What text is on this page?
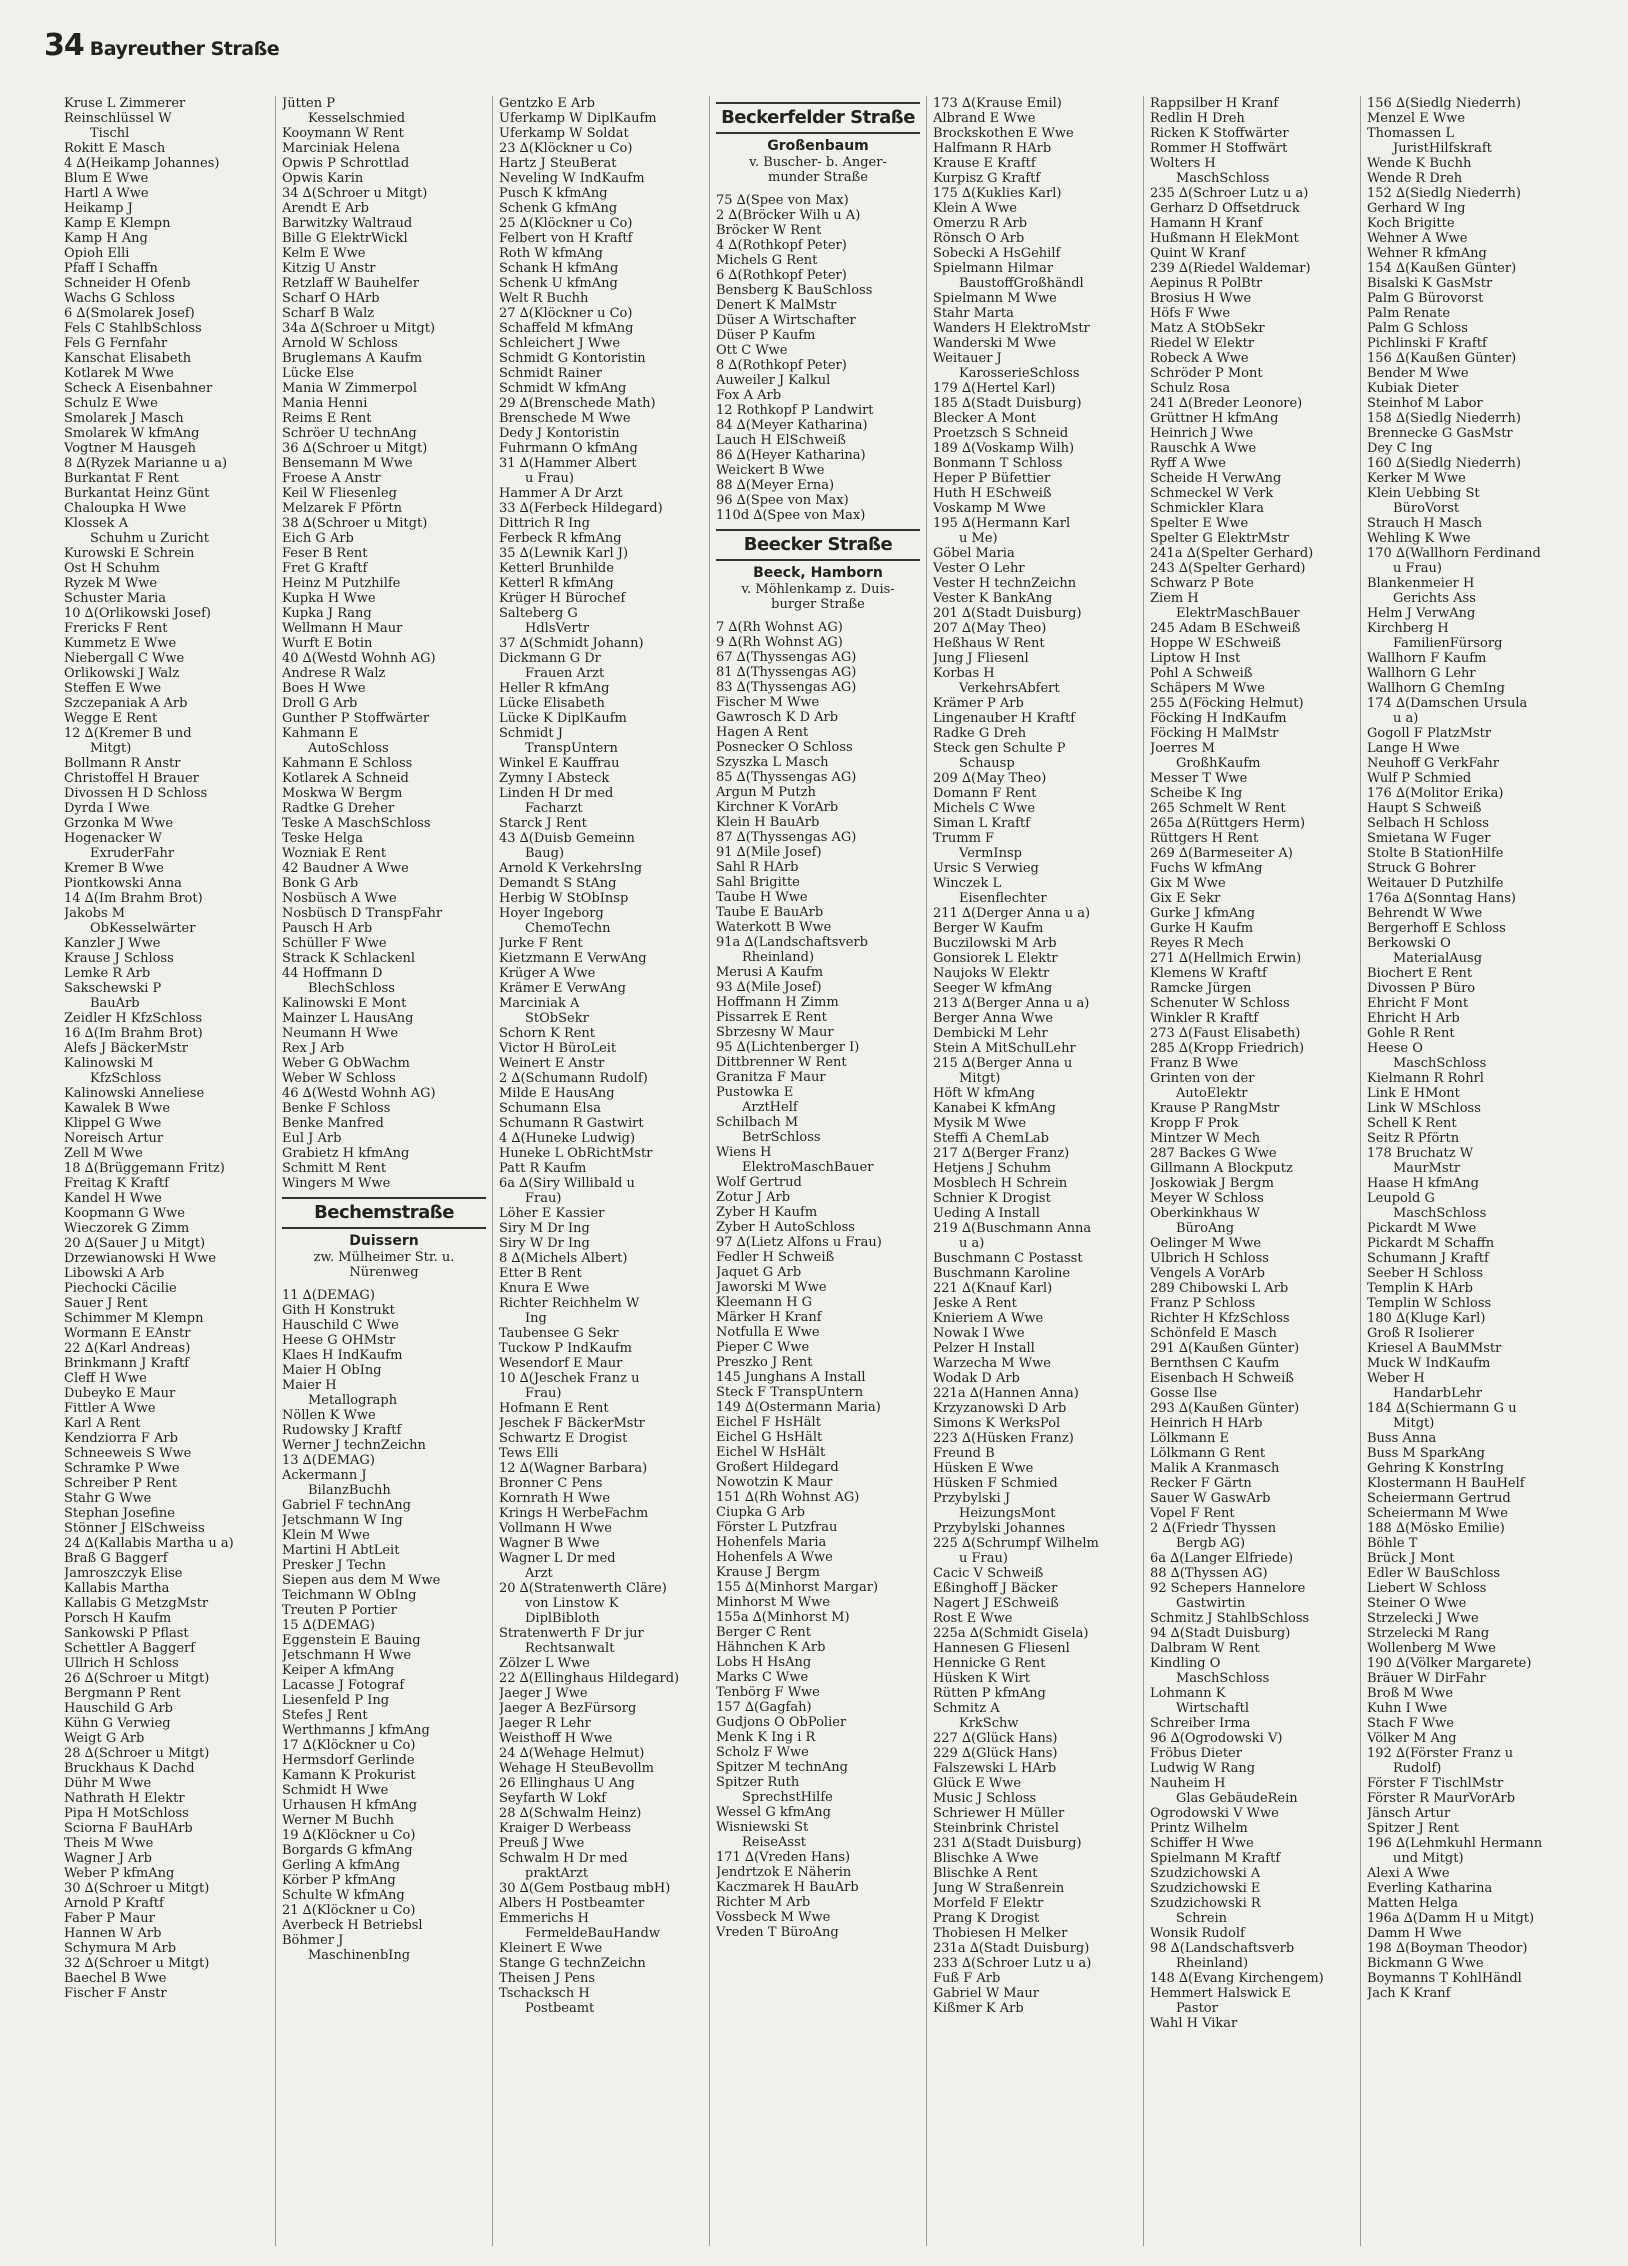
34 Bayreuther Straße
Kruse L Zimmerer
Reinschlüssel W
Tischl
Rokitt E Masch
4 ∆(Heikamp Johannes)
Blum E Wwe
Hartl A Wwe
Heikamp J
Kamp E Klempn
Kamp H Ang
Opioh Elli
Pfaff I Schaffn
Schneider H Ofenb
Wachs G Schloss
6 ∆(Smolarek Josef)
Fels C StahlbSchloss
Fels G Fernfahr
Kanschat Elisabeth
Kotlarek M Wwe
Scheck A Eisenbahner
Schulz E Wwe
Smolarek J Masch
Smolarek W kfmAng
Vogtner M Hausgeh
8 ∆(Ryzek Marianne u a)
Burkantat F Rent
Burkantat Heinz Günt
Chaloupka H Wwe
Klossek A
Schuhm u Zuricht
Kurowski E Schrein
Ost H Schuhm
Ryzek M Wwe
Schuster Maria
10 ∆(Orlikowski Josef)
Frericks F Rent
Kummetz E Wwe
Niebergall C Wwe
Orlikowski J Walz
Steffen E Wwe
Szczepaniak A Arb
Wegge E Rent
12 ∆(Kremer B und
Mitgt)
Bollmann R Anstr
Christoffel H Brauer
Divossen H D Schloss
Dyrda I Wwe
Grzonka M Wwe
Hogenacker W
ExruderFahr
Kremer B Wwe
Piontkowski Anna
14 ∆(Im Brahm Brot)
Jakobs M
ObKesselwärter
Kanzler J Wwe
Krause J Schloss
Lemke R Arb
Sakschewski P
BauArb
Zeidler H KfzSchloss
16 ∆(Im Brahm Brot)
Alefs J BäckerMstr
Kalinowski M
KfzSchloss
Kalinowski Anneliese
Kawalek B Wwe
Klippel G Wwe
Noreisch Artur
Zell M Wwe
18 ∆(Brüggemann Fritz)
Freitag K Kraftf
Kandel H Wwe
Koopmann G Wwe
Wieczorek G Zimm
20 ∆(Sauer J u Mitgt)
Drzewianowski H Wwe
Libowski A Arb
Piechocki Cäcilie
Sauer J Rent
Schimmer M Klempn
Wormann E EAnstr
22 ∆(Karl Andreas)
Brinkmann J Kraftf
Cleff H Wwe
Dubeyko E Maur
Fittler A Wwe
Karl A Rent
Kendziorra F Arb
Schneeweis S Wwe
Schramke P Wwe
Schreiber P Rent
Stahr G Wwe
Stephan Josefine
Stönner J ElSchweiss
24 ∆(Kallabis Martha u a)
Braß G Baggerf
Jamroszczyk Elise
Kallabis Martha
Kallabis G MetzgMstr
Porsch H Kaufm
Sankowski P Pflast
Schettler A Baggerf
Ullrich H Schloss
26 ∆(Schroer u Mitgt)
Bergmann P Rent
Hauschild G Arb
Kühn G Verwieg
Weigt G Arb
28 ∆(Schroer u Mitgt)
Bruckhaus K Dachd
Dühr M Wwe
Nathrath H Elektr
Pipa H MotSchloss
Sciorna F BauHArb
Theis M Wwe
Wagner J Arb
Weber P kfmAng
30 ∆(Schroer u Mitgt)
Arnold P Kraftf
Faber P Maur
Hannen W Arb
Schymura M Arb
32 ∆(Schroer u Mitgt)
Baechel B Wwe
Fischer F Anstr
Jütten P
Kesselschmied
Kooymann W Rent
Marciniak Helena
Opwis P Schrottlad
Opwis Karin
34 ∆(Schroer u Mitgt)
Arendt E Arb
Barwitzky Waltraud
Bille G ElektrWickl
Kelm E Wwe
Kitzig U Anstr
Retzlaff W Bauhelfer
Scharf O HArb
Scharf B Walz
34a ∆(Schroer u Mitgt)
Arnold W Schloss
Bruglemans A Kaufm
Lücke Else
Mania W Zimmerpol
Mania Henni
Reims E Rent
Schröer U technAng
36 ∆(Schroer u Mitgt)
Bensemann M Wwe
Froese A Anstr
Keil W Fliesenleg
Melzarek F Pförtn
38 ∆(Schroer u Mitgt)
Eich G Arb
Feser B Rent
Fret G Kraftf
Heinz M Putzhilfe
Kupka H Wwe
Kupka J Rang
Wellmann H Maur
Wurft E Botin
40 ∆(Westd Wohnh AG)
Andrese R Walz
Boes H Wwe
Droll G Arb
Gunther P Stoffwärter
Kahmann E
AutoSchloss
Kahmann E Schloss
Kotlarek A Schneid
Moskwa W Bergm
Radtke G Dreher
Teske A MaschSchloss
Teske Helga
Wozniak E Rent
42 Baudner A Wwe
Bonk G Arb
Nosbüsch A Wwe
Nosbüsch D TranspFahr
Pausch H Arb
Schüller F Wwe
Strack K Schlackenl
44 Hoffmann D
BlechSchloss
Kalinowski E Mont
Mainzer L HausAng
Neumann H Wwe
Rex J Arb
Weber G ObWachm
Weber W Schloss
46 ∆(Westd Wohnh AG)
Benke F Schloss
Benke Manfred
Eul J Arb
Grabietz H kfmAng
Schmitt M Rent
Wingers M Wwe
Bechemstraße
Duissern
zw. Mülheimer Str. u.
Nürenweg
11 ∆(DEMAG)
Gith H Konstrukt
Hauschild C Wwe
Heese G OHMstr
Klaes H IndKaufm
Maier H ObIng
Maier H
Metallograph
Nöllen K Wwe
Rudowsky J Kraftf
Werner J technZeichn
13 ∆(DEMAG)
Ackermann J
BilanzBuchh
Gabriel F technAng
Jetschmann W Ing
Klein M Wwe
Martini H AbtLeit
Presker J Techn
Siepen aus dem M Wwe
Teichmann W ObIng
Treuten P Portier
15 ∆(DEMAG)
Eggenstein E Bauing
Jetschmann H Wwe
Keiper A kfmAng
Lacasse J Fotograf
Liesenfeld P Ing
Stefes J Rent
Werthmanns J kfmAng
17 ∆(Klöckner u Co)
Hermsdorf Gerlinde
Kamann K Prokurist
Schmidt H Wwe
Urhausen H kfmAng
Werner M Buchh
19 ∆(Klöckner u Co)
Borgards G kfmAng
Gerling A kfmAng
Körber P kfmAng
Schulte W kfmAng
21 ∆(Klöckner u Co)
Averbeck H Betriebsl
Böhmer J
MaschinenbIng
Gentzko E Arb
Uferkamp W DiplKaufm
Uferkamp W Soldat
23 ∆(Klöckner u Co)
Hartz J SteuBerat
Neveling W IndKaufm
Pusch K kfmAng
Schenk G kfmAng
25 ∆(Klöckner u Co)
Felbert von H Kraftf
Roth W kfmAng
Schank H kfmAng
Schenk U kfmAng
Welt R Buchh
27 ∆(Klöckner u Co)
Schaffeld M kfmAng
Schleichert J Wwe
Schmidt G Kontoristin
Schmidt Rainer
Schmidt W kfmAng
29 ∆(Brenschede Math)
Brenschede M Wwe
Dedy J Kontoristin
Fuhrmann O kfmAng
31 ∆(Hammer Albert
u Frau)
Hammer A Dr Arzt
33 ∆(Ferbeck Hildegard)
Dittrich R Ing
Ferbeck R kfmAng
35 ∆(Lewnik Karl J)
Ketterl Brunhilde
Ketterl R kfmAng
Krüger H Bürochef
Salteberg G
HdlsVertr
37 ∆(Schmidt Johann)
Dickmann G Dr
Frauen Arzt
Heller R kfmAng
Lücke Elisabeth
Lücke K DiplKaufm
Schmidt J
TranspUntern
Winkel E Kauffrau
Zymny I Absteck
Linden H Dr med
Facharzt
Starck J Rent
43 ∆(Duisb Gemeinn
Baug)
Arnold K VerkehrsIng
Demandt S StAng
Herbig W StObInsp
Hoyer Ingeborg
ChemoTechn
Jurke F Rent
Kietzmann E VerwAng
Krüger A Wwe
Krämer E VerwAng
Marciniak A
StObSekr
Schorn K Rent
Victor H BüroLeit
Weinert E Anstr
2 ∆(Schumann Rudolf)
Milde E HausAng
Schumann Elsa
Schumann R Gastwirt
4 ∆(Huneke Ludwig)
Huneke L ObRichtMstr
Patt R Kaufm
6a ∆(Siry Willibald u
Frau)
Löher E Kassier
Siry M Dr Ing
Siry W Dr Ing
8 ∆(Michels Albert)
Etter B Rent
Knura E Wwe
Richter Reichhelm W
Ing
Taubensee G Sekr
Tuckow P IndKaufm
Wesendorf E Maur
10 ∆(Jeschek Franz u
Frau)
Hofmann E Rent
Jeschek F BäckerMstr
Schwartz E Drogist
Tews Elli
12 ∆(Wagner Barbara)
Bronner C Pens
Kornrath H Wwe
Krings H WerbeFachm
Vollmann H Wwe
Wagner B Wwe
Wagner L Dr med
Arzt
20 ∆(Stratenwerth Cläre)
von Linstow K
DiplBibloth
Stratenwerth F Dr jur
Rechtsanwalt
Zölzer L Wwe
22 ∆(Ellinghaus Hildegard)
Jaeger J Wwe
Jaeger A BezFürsorg
Jaeger R Lehr
Weisthoff H Wwe
24 ∆(Wehage Helmut)
Wehage H SteuBevollm
26 Ellinghaus U Ang
Seyfarth W Lokf
28 ∆(Schwalm Heinz)
Kraiger D Werbeass
Preuß J Wwe
Schwalm H Dr med
praktArzt
30 ∆(Gem Postbaug mbH)
Albers H Postbeamter
Emmerichs H
FermeldeBauHandw
Kleinert E Wwe
Stange G technZeichn
Theisen J Pens
Tschacksch H
Postbeamt
Beckerfelder Straße
Großenbaum
v. Buscher- b. Anger-
munder Straße
75 ∆(Spee von Max)
2 ∆(Bröcker Wilh u A)
Bröcker W Rent
4 ∆(Rothkopf Peter)
Michels G Rent
6 ∆(Rothkopf Peter)
Bensberg K BauSchloss
Denert K MalMstr
Düser A Wirtschafter
Düser P Kaufm
Ott C Wwe
8 ∆(Rothkopf Peter)
Auweiler J Kalkul
Fox A Arb
12 Rothkopf P Landwirt
84 ∆(Meyer Katharina)
Lauch H ElSchweiß
86 ∆(Heyer Katharina)
Weickert B Wwe
88 ∆(Meyer Erna)
96 ∆(Spee von Max)
110d ∆(Spee von Max)
Beecker Straße
Beeck, Hamborn
v. Möhlenkamp z. Duis-
burger Straße
7 ∆(Rh Wohnst AG)
9 ∆(Rh Wohnst AG)
67 ∆(Thyssengas AG)
81 ∆(Thyssengas AG)
83 ∆(Thyssengas AG)
Fischer M Wwe
Gawrosch K D Arb
Hagen A Rent
Posnecker O Schloss
Szyszka L Masch
85 ∆(Thyssengas AG)
Argun M Putzh
Kirchner K VorArb
Klein H BauArb
87 ∆(Thyssengas AG)
91 ∆(Mile Josef)
Sahl R HArb
Sahl Brigitte
Taube H Wwe
Taube E BauArb
Waterkott B Wwe
91a ∆(Landschaftsverb
Rheinland)
Merusi A Kaufm
93 ∆(Mile Josef)
Hoffmann H Zimm
Pissarrek E Rent
Sbrzesny W Maur
95 ∆(Lichtenberger I)
Dittbrenner W Rent
Granitza F Maur
Pustowka E
ArztHelf
Schilbach M
BetrSchloss
Wiens H
ElektroMaschBauer
Wolf Gertrud
Zotur J Arb
Zyber H Kaufm
Zyber H AutoSchloss
97 ∆(Lietz Alfons u Frau)
Fedler H Schweiß
Jaquet G Arb
Jaworski M Wwe
Kleemann H G
Märker H Kranf
Notfulla E Wwe
Pieper C Wwe
Preszko J Rent
145 Junghans A Install
Steck F TranspUntern
149 ∆(Ostermann Maria)
Eichel F HsHält
Eichel G HsHält
Eichel W HsHält
Großert Hildegard
Nowotzin K Maur
151 ∆(Rh Wohnst AG)
Ciupka G Arb
Förster L Putzfrau
Hohenfels Maria
Hohenfels A Wwe
Krause J Bergm
155 ∆(Minhorst Margar)
Minhorst M Wwe
155a ∆(Minhorst M)
Berger C Rent
Hähnchen K Arb
Lobs H HsAng
Marks C Wwe
Tenbörg F Wwe
157 ∆(Gagfah)
Gudjons O ObPolier
Menk K Ing i R
Scholz F Wwe
Spitzer M technAng
Spitzer Ruth
SprechstHilfe
Wessel G kfmAng
Wisniewski St
ReiseAsst
171 ∆(Vreden Hans)
Jendrtzok E Näherin
Kaczmarek H BauArb
Richter M Arb
Vossbeck M Wwe
Vreden T BüroAng
173 ∆(Krause Emil)
Albrand E Wwe
Brockskothen E Wwe
Halfmann R HArb
Krause E Kraftf
Kurpisz G Kraftf
175 ∆(Kuklies Karl)
Klein A Wwe
Omerzu R Arb
Rönsch O Arb
Sobecki A HsGehilf
Spielmann Hilmar
BaustoffGroßhändl
Spielmann M Wwe
Stahr Marta
Wanders H ElektroMstr
Wanderski M Wwe
Weitauer J
KarosserieSchloss
179 ∆(Hertel Karl)
185 ∆(Stadt Duisburg)
Blecker A Mont
Proetzsch S Schneid
189 ∆(Voskamp Wilh)
Bonmann T Schloss
Heper P Büfettier
Huth H ESchweiß
Voskamp M Wwe
195 ∆(Hermann Karl
u Me)
Göbel Maria
Vester O Lehr
Vester H technZeichn
Vester K BankAng
201 ∆(Stadt Duisburg)
207 ∆(May Theo)
Heßhaus W Rent
Jung J Fliesenl
Korbas H
VerkehrsAbfert
Krämer P Arb
Lingenauber H Kraftf
Radke G Dreh
Steck gen Schulte P
Schausp
209 ∆(May Theo)
Domann F Rent
Michels C Wwe
Siman L Kraftf
Trumm F
VermInsp
Ursic S Verwieg
Winczek L
Eisenflechter
211 ∆(Derger Anna u a)
Berger W Kaufm
Buczilowski M Arb
Gonsiorek L Elektr
Naujoks W Elektr
Seeger W kfmAng
213 ∆(Berger Anna u a)
Berger Anna Wwe
Dembicki M Lehr
Stein A MitSchulLehr
215 ∆(Berger Anna u
Mitgt)
Höft W kfmAng
Kanabei K kfmAng
Mysik M Wwe
Steffi A ChemLab
217 ∆(Berger Franz)
Hetjens J Schuhm
Mosblech H Schrein
Schnier K Drogist
Ueding A Install
219 ∆(Buschmann Anna
u a)
Buschmann C Postasst
Buschmann Karoline
221 ∆(Knauf Karl)
Jeske A Rent
Knieriem A Wwe
Nowak I Wwe
Pelzer H Install
Warzecha M Wwe
Wodak D Arb
221a ∆(Hannen Anna)
Krzyzanowski D Arb
Simons K WerksPol
223 ∆(Hüsken Franz)
Freund B
Hüsken E Wwe
Hüsken F Schmied
Przybylski J
HeizungsMont
Przybylski Johannes
225 ∆(Schrumpf Wilhelm
u Frau)
Cacic V Schweiß
Eßinghoff J Bäcker
Nagert J ESchweiß
Rost E Wwe
225a ∆(Schmidt Gisela)
Hannesen G Fliesenl
Hennicke G Rent
Hüsken K Wirt
Rütten P kfmAng
Schmitz A
KrkSchw
227 ∆(Glück Hans)
229 ∆(Glück Hans)
Falszewski L HArb
Glück E Wwe
Music J Schloss
Schriewer H Müller
Steinbrink Christel
231 ∆(Stadt Duisburg)
Blischke A Wwe
Blischke A Rent
Jung W Straßenrein
Morfeld F Elektr
Prang K Drogist
Thobiesen H Melker
231a ∆(Stadt Duisburg)
233 ∆(Schroer Lutz u a)
Fuß F Arb
Gabriel W Maur
Kißmer K Arb
Rappsilber H Kranf
Redlin H Dreh
Ricken K Stoffwärter
Rommer H Stoffwärt
Wolters H
MaschSchloss
235 ∆(Schroer Lutz u a)
Gerharz D Offsetdruck
Hamann H Kranf
Hußmann H ElekMont
Quint W Kranf
239 ∆(Riedel Waldemar)
Aepinus R PolBtr
Brosius H Wwe
Höfs F Wwe
Matz A StObSekr
Riedel W Elektr
Robeck A Wwe
Schröder P Mont
Schulz Rosa
241 ∆(Breder Leonore)
Grüttner H kfmAng
Heinrich J Wwe
Rauschk A Wwe
Ryff A Wwe
Scheide H VerwAng
Schmeckel W Verk
Schmickler Klara
Spelter E Wwe
Spelter G ElektrMstr
241a ∆(Spelter Gerhard)
243 ∆(Spelter Gerhard)
Schwarz P Bote
Ziem H
ElektrMaschBauer
245 Adam B ESchweiß
Hoppe W ESchweiß
Liptow H Inst
Pohl A Schweiß
Schäpers M Wwe
255 ∆(Föcking Helmut)
Föcking H IndKaufm
Föcking H MalMstr
Joerres M
GroßhKaufm
Messer T Wwe
Scheibe K Ing
265 Schmelt W Rent
265a ∆(Rüttgers Herm)
Rüttgers H Rent
269 ∆(Barmeseiter A)
Fuchs W kfmAng
Gix M Wwe
Gix E Sekr
Gurke J kfmAng
Gurke H Kaufm
Reyes R Mech
271 ∆(Hellmich Erwin)
Klemens W Kraftf
Ramcke Jürgen
Schenuter W Schloss
Winkler R Kraftf
273 ∆(Faust Elisabeth)
285 ∆(Kropp Friedrich)
Franz B Wwe
Grinten von der
AutoElektr
Krause P RangMstr
Kropp F Prok
Mintzer W Mech
287 Backes G Wwe
Gillmann A Blockputz
Joskowiak J Bergm
Meyer W Schloss
Oberkinkhaus W
BüroAng
Oelinger M Wwe
Ulbrich H Schloss
Vengels A VorArb
289 Chibowski L Arb
Franz P Schloss
Richter H KfzSchloss
Schönfeld E Masch
291 ∆(Kaußen Günter)
Bernthsen C Kaufm
Eisenbach H Schweiß
Gosse Ilse
293 ∆(Kaußen Günter)
Heinrich H HArb
Lölkmann E
Lölkmann G Rent
Malik A Kranmasch
Recker F Gärtn
Sauer W GaswArb
Vopel F Rent
2 ∆(Friedr Thyssen
Bergb AG)
6a ∆(Langer Elfriede)
88 ∆(Thyssen AG)
92 Schepers Hannelore
Gastwirtin
Schmitz J StahlbSchloss
94 ∆(Stadt Duisburg)
Dalbram W Rent
Kindling O
MaschSchloss
Lohmann K
Wirtschaftl
Schreiber Irma
96 ∆(Ogrodowski V)
Fröbus Dieter
Ludwig W Rang
Nauheim H
Glas GebäudeRein
Ogrodowski V Wwe
Printz Wilhelm
Schiffer H Wwe
Spielmann M Kraftf
Szudzichowski A
Szudzichowski E
Szudzichowski R
Schrein
Wonsik Rudolf
98 ∆(Landschaftsverb
Rheinland)
148 ∆(Evang Kirchengem)
Hemmert Halswick E
Pastor
Wahl H Vikar
156 ∆(Siedlg Niederrh)
Menzel E Wwe
Thomassen L
JuristHilfskraft
Wende K Buchh
Wende R Dreh
152 ∆(Siedlg Niederrh)
Gerhard W Ing
Koch Brigitte
Wehner A Wwe
Wehner R kfmAng
154 ∆(Kaußen Günter)
Bisalski K GasMstr
Palm G Bürovorst
Palm Renate
Palm G Schloss
Pichlinski F Kraftf
156 ∆(Kaußen Günter)
Bender M Wwe
Kubiak Dieter
Steinhof M Labor
158 ∆(Siedlg Niederrh)
Brennecke G GasMstr
Dey C Ing
160 ∆(Siedlg Niederrh)
Kerker M Wwe
Klein Uebbing St
BüroVorst
Strauch H Masch
Wehling K Wwe
170 ∆(Wallhorn Ferdinand
u Frau)
Blankenmeier H
Gerichts Ass
Helm J VerwAng
Kirchberg H
FamilienFürsorg
Wallhorn F Kaufm
Wallhorn G Lehr
Wallhorn G ChemIng
174 ∆(Damschen Ursula
u a)
Gogoll F PlatzMstr
Lange H Wwe
Neuhoff G VerkFahr
Wulf P Schmied
176 ∆(Molitor Erika)
Haupt S Schweiß
Selbach H Schloss
Smietana W Fuger
Stolte B StationHilfe
Struck G Bohrer
Weitauer D Putzhilfe
176a ∆(Sonntag Hans)
Behrendt W Wwe
Bergerhoff E Schloss
Berkowski O
MaterialAusg
Biochert E Rent
Divossen P Büro
Ehricht F Mont
Ehricht H Arb
Gohle R Rent
Heese O
MaschSchloss
Kielmann R Rohrl
Link E HMont
Link W MSchloss
Schell K Rent
Seitz R Pförtn
178 Bruchatz W
MaurMstr
Haase H kfmAng
Leupold G
MaschSchloss
Pickardt M Wwe
Pickardt M Schaffn
Schumann J Kraftf
Seeber H Schloss
Templin K HArb
Templin W Schloss
180 ∆(Kluge Karl)
Groß R Isolierer
Kriesel A BauMMstr
Muck W IndKaufm
Weber H
HandarbLehr
184 ∆(Schiermann G u
Mitgt)
Buss Anna
Buss M SparkAng
Gehring K KonstrIng
Klostermann H BauHelf
Scheiermann Gertrud
Scheiermann M Wwe
188 ∆(Mösko Emilie)
Böhle T
Brück J Mont
Edler W BauSchloss
Liebert W Schloss
Steiner O Wwe
Strzelecki J Wwe
Strzelecki M Rang
Wollenberg M Wwe
190 ∆(Völker Margarete)
Bräuer W DirFahr
Broß M Wwe
Kuhn I Wwe
Stach F Wwe
Völker M Ang
192 ∆(Förster Franz u
Rudolf)
Förster F TischlMstr
Förster R MaurVorArb
Jänsch Artur
Spitzer J Rent
196 ∆(Lehmkuhl Hermann
und Mitgt)
Alexi A Wwe
Everling Katharina
Matten Helga
196a ∆(Damm H u Mitgt)
Damm H Wwe
198 ∆(Boyman Theodor)
Bickmann G Wwe
Boymanns T KohlHändl
Jach K Kranf
